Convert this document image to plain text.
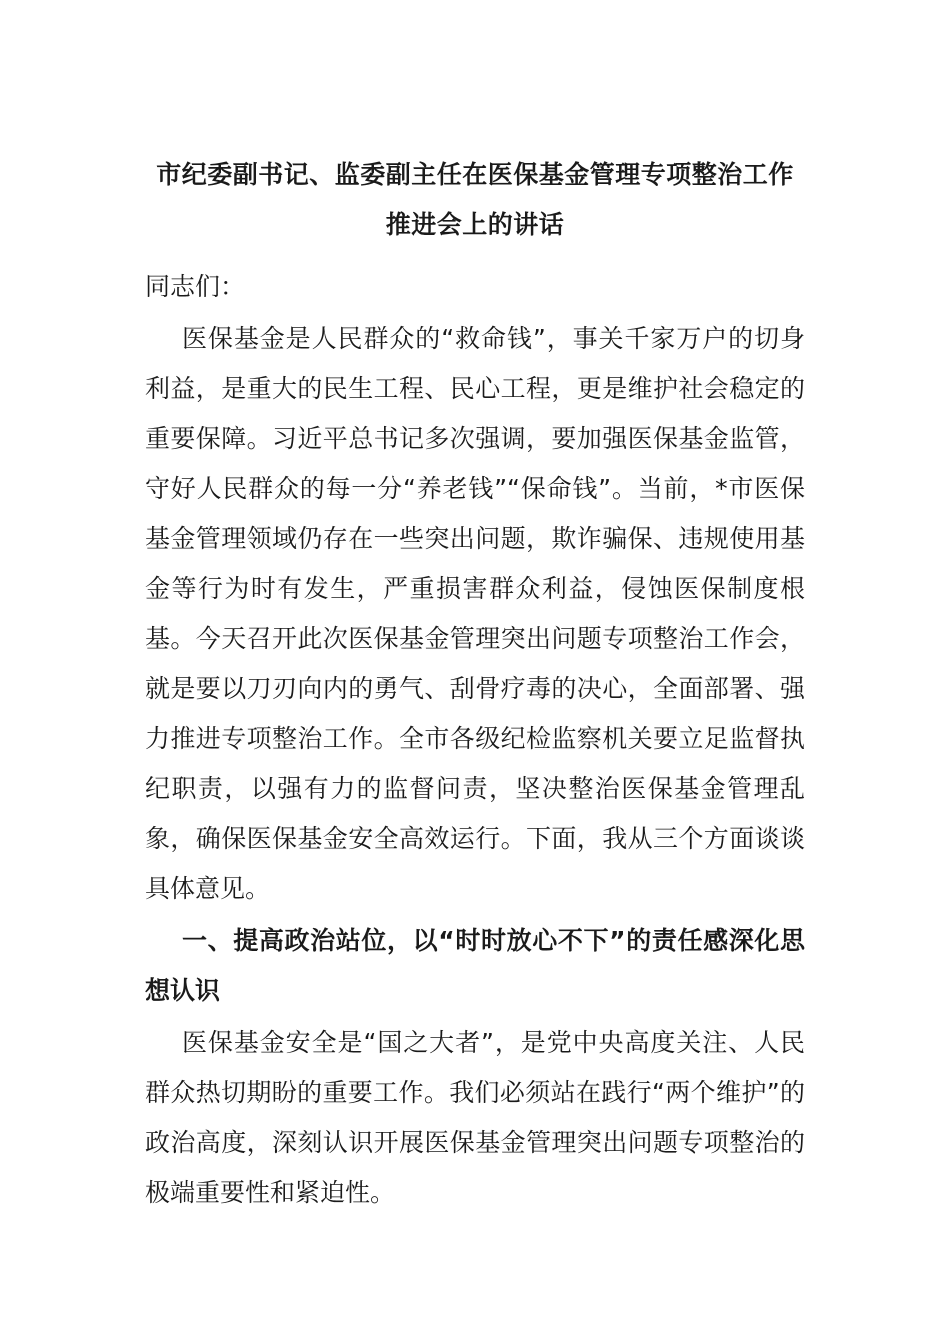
市纪委副书记、监委副主任在医保基金管理专项整治工作
推进会上的讲话

同志们：

医保基金是人民群众的“救命钱”，事关千家万户的切身利益，是重大的民生工程、民心工程，更是维护社会稳定的重要保障。习近平总书记多次强调，要加强医保基金监管，守好人民群众的每一分“养老钱”“保命钱”。当前，*市医保基金管理领域仍存在一些突出问题，欺诈骗保、违规使用基金等行为时有发生，严重损害群众利益，侵蚀医保制度根基。今天召开此次医保基金管理突出问题专项整治工作会，就是要以刀刃向内的勇气、刮骨疗毒的决心，全面部署、强力推进专项整治工作。全市各级纪检监察机关要立足监督执纪职责，以强有力的监督问责，坚决整治医保基金管理乱象，确保医保基金安全高效运行。下面，我从三个方面谈谈具体意见。

一、提高政治站位，以“时时放心不下”的责任感深化思想认识

医保基金安全是“国之大者”，是党中央高度关注、人民群众热切期盼的重要工作。我们必须站在践行“两个维护”的政治高度，深刻认识开展医保基金管理突出问题专项整治的极端重要性和紧迫性。
